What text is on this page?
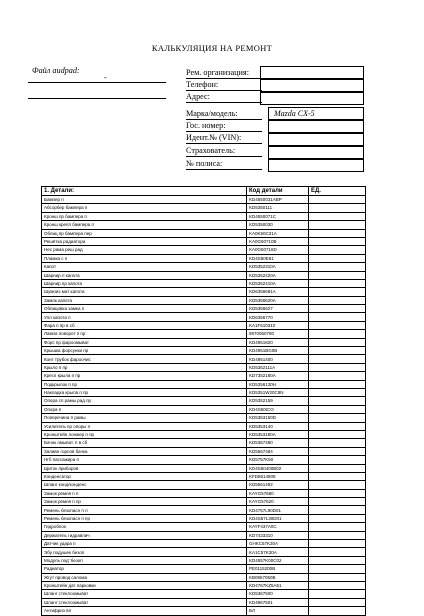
КАЛЬКУЛЯЦИЯ НА РЕМОНТ
Файл audpad:
-
Рем. организация:
Телефон:
Адрес:
Марка/модель:	Mazda CX-5
Гос. номер:
Идент.№ (VIN):
Страхователь:
№ полиса:
1. Детали:	Код детали	ЕД.
Бампер п	KD4550031ABP	
Абсорбер бампера п	KD5350111	
Кронш пр бампера п	KD4550071C	
Кронш крепл бампера п	KD5350030	
Облиц пр бампера пер	KA0K50C31A	
Решётка радиатора	KA0G50710B	
Нес рама реш рад	KA0G50716D	
Пламка с п	KD4S50E81	
Капот	KD5352310A	
Шарнир л капота	KD5352420A	
Шарнир пр капота	KD5352410A	
Шумоиз мат капота	KD6356681A	
Замок капота	KD5356620A	
Облицовка замка п	KD5356627	
Упл капота п	KD6356770	
Фара п пр в сб	KA1F510310	
Лампа поворот п пр	9970060780	
Форс пр фароомыват	KD4951820	
Крышка форсунки пр	KD4951BG0B	
Конт трубок фароочис	KD4951400	
Крыло п пр	KD5352111A	
Кресп крыла п пр	KD7352180A	
Подкрылок п пр	KD5356130H	
Накладка крыла п пр	KD5351W20C8N	
Опора сп рамы рад пр	KD5352159	
Опора п	KD4S50ICO	
Поперечина п рамы	KD5353150D	
Усилитель пр опоры п	KD5353140	
Кронштейн лонжер п пр	KD5353180A	
Бачок омыват. п в сб	KD5367480	
Заливн горлов бачка	KD5567484	
Нгб пассажира п	KD5757K50	
Щиток приборов	KD4S60400B02	
Конденсатор	KFD8614808	
Шланг конд/конденс	KD5561492	
Замок ремня п п	KAYG57680	
Замок ремня п пр	KAYG57620	
Ремень безопасн п л	KD4757L90D01	
Ремень безопасн п пр	KD4S57L30D01	
Гидроблок	KAYF437A0C	
Держатель гидравлич	KD7433310	
Датчик удара п	GHKC57K30A	
Эбу подушек безоп	KA1C57K30A	
Модуль под' безоп	KD4557K00C02	
Радиатор	PE0115200B	
Жгут провод салома	KB0867050B	
Кронштейн дат парковки	KD4767KZ5A51	
Шланг стеклоомыват	KD5367500	
Шланг стеклоомыват	KD4967501	
Антифриз 6л	БЛ	
